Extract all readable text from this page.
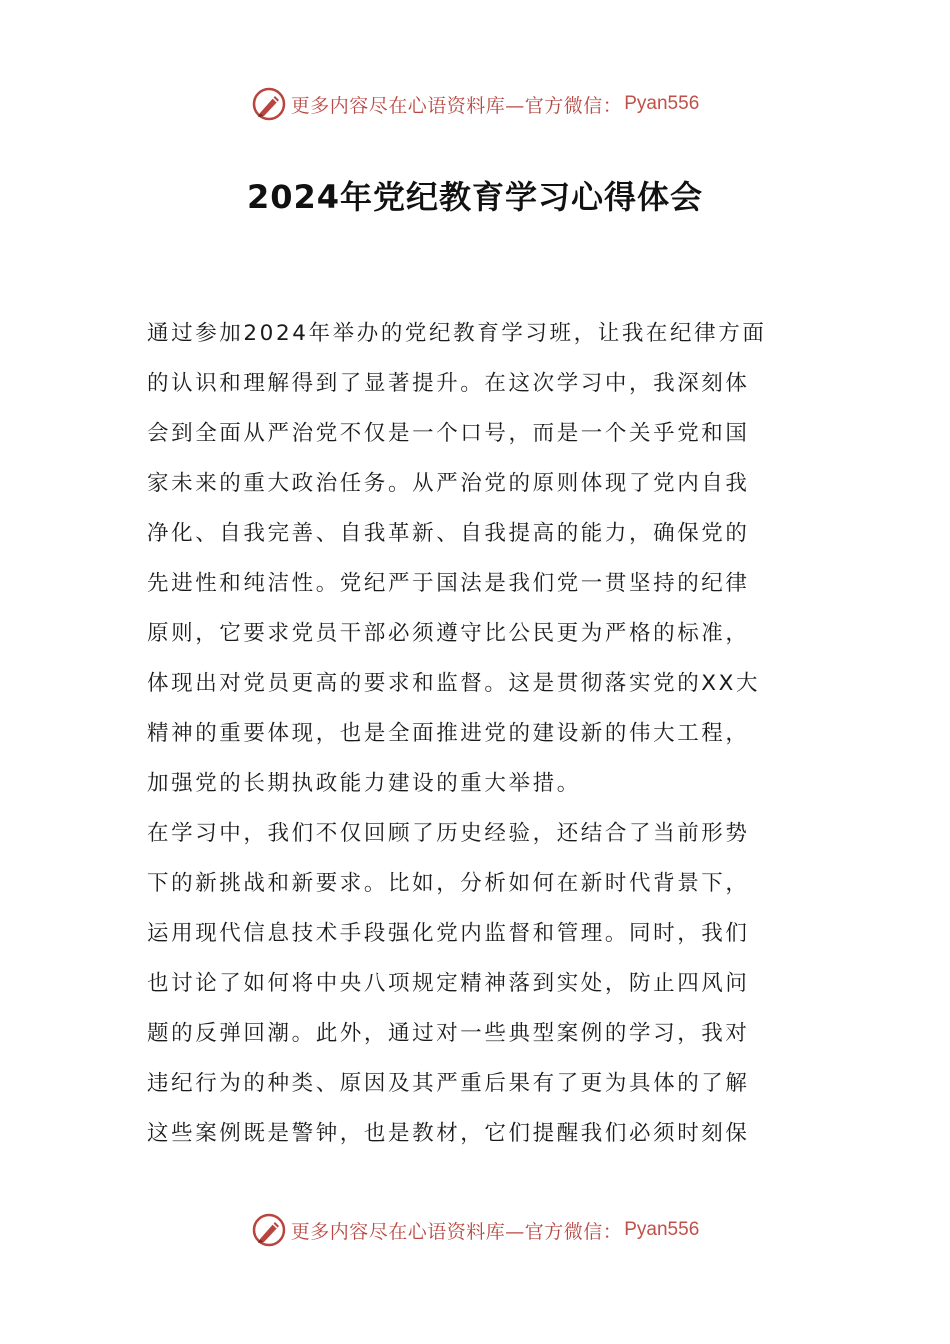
更多内容尽在心语资料库—官方微信： Pyan556
2024年党纪教育学习心得体会
通过参加2024年举办的党纪教育学习班，让我在纪律方面
的认识和理解得到了显著提升。在这次学习中，我深刻体
会到全面从严治党不仅是一个口号，而是一个关乎党和国
家未来的重大政治任务。从严治党的原则体现了党内自我
净化、自我完善、自我革新、自我提高的能力，确保党的
先进性和纯洁性。党纪严于国法是我们党一贯坚持的纪律
原则，它要求党员干部必须遵守比公民更为严格的标准，
体现出对党员更高的要求和监督。这是贯彻落实党的XX大
精神的重要体现，也是全面推进党的建设新的伟大工程，
加强党的长期执政能力建设的重大举措。
在学习中，我们不仅回顾了历史经验，还结合了当前形势
下的新挑战和新要求。比如，分析如何在新时代背景下，
运用现代信息技术手段强化党内监督和管理。同时，我们
也讨论了如何将中央八项规定精神落到实处，防止四风问
题的反弹回潮。此外，通过对一些典型案例的学习，我对
违纪行为的种类、原因及其严重后果有了更为具体的了解
这些案例既是警钟，也是教材，它们提醒我们必须时刻保
更多内容尽在心语资料库—官方微信： Pyan556
